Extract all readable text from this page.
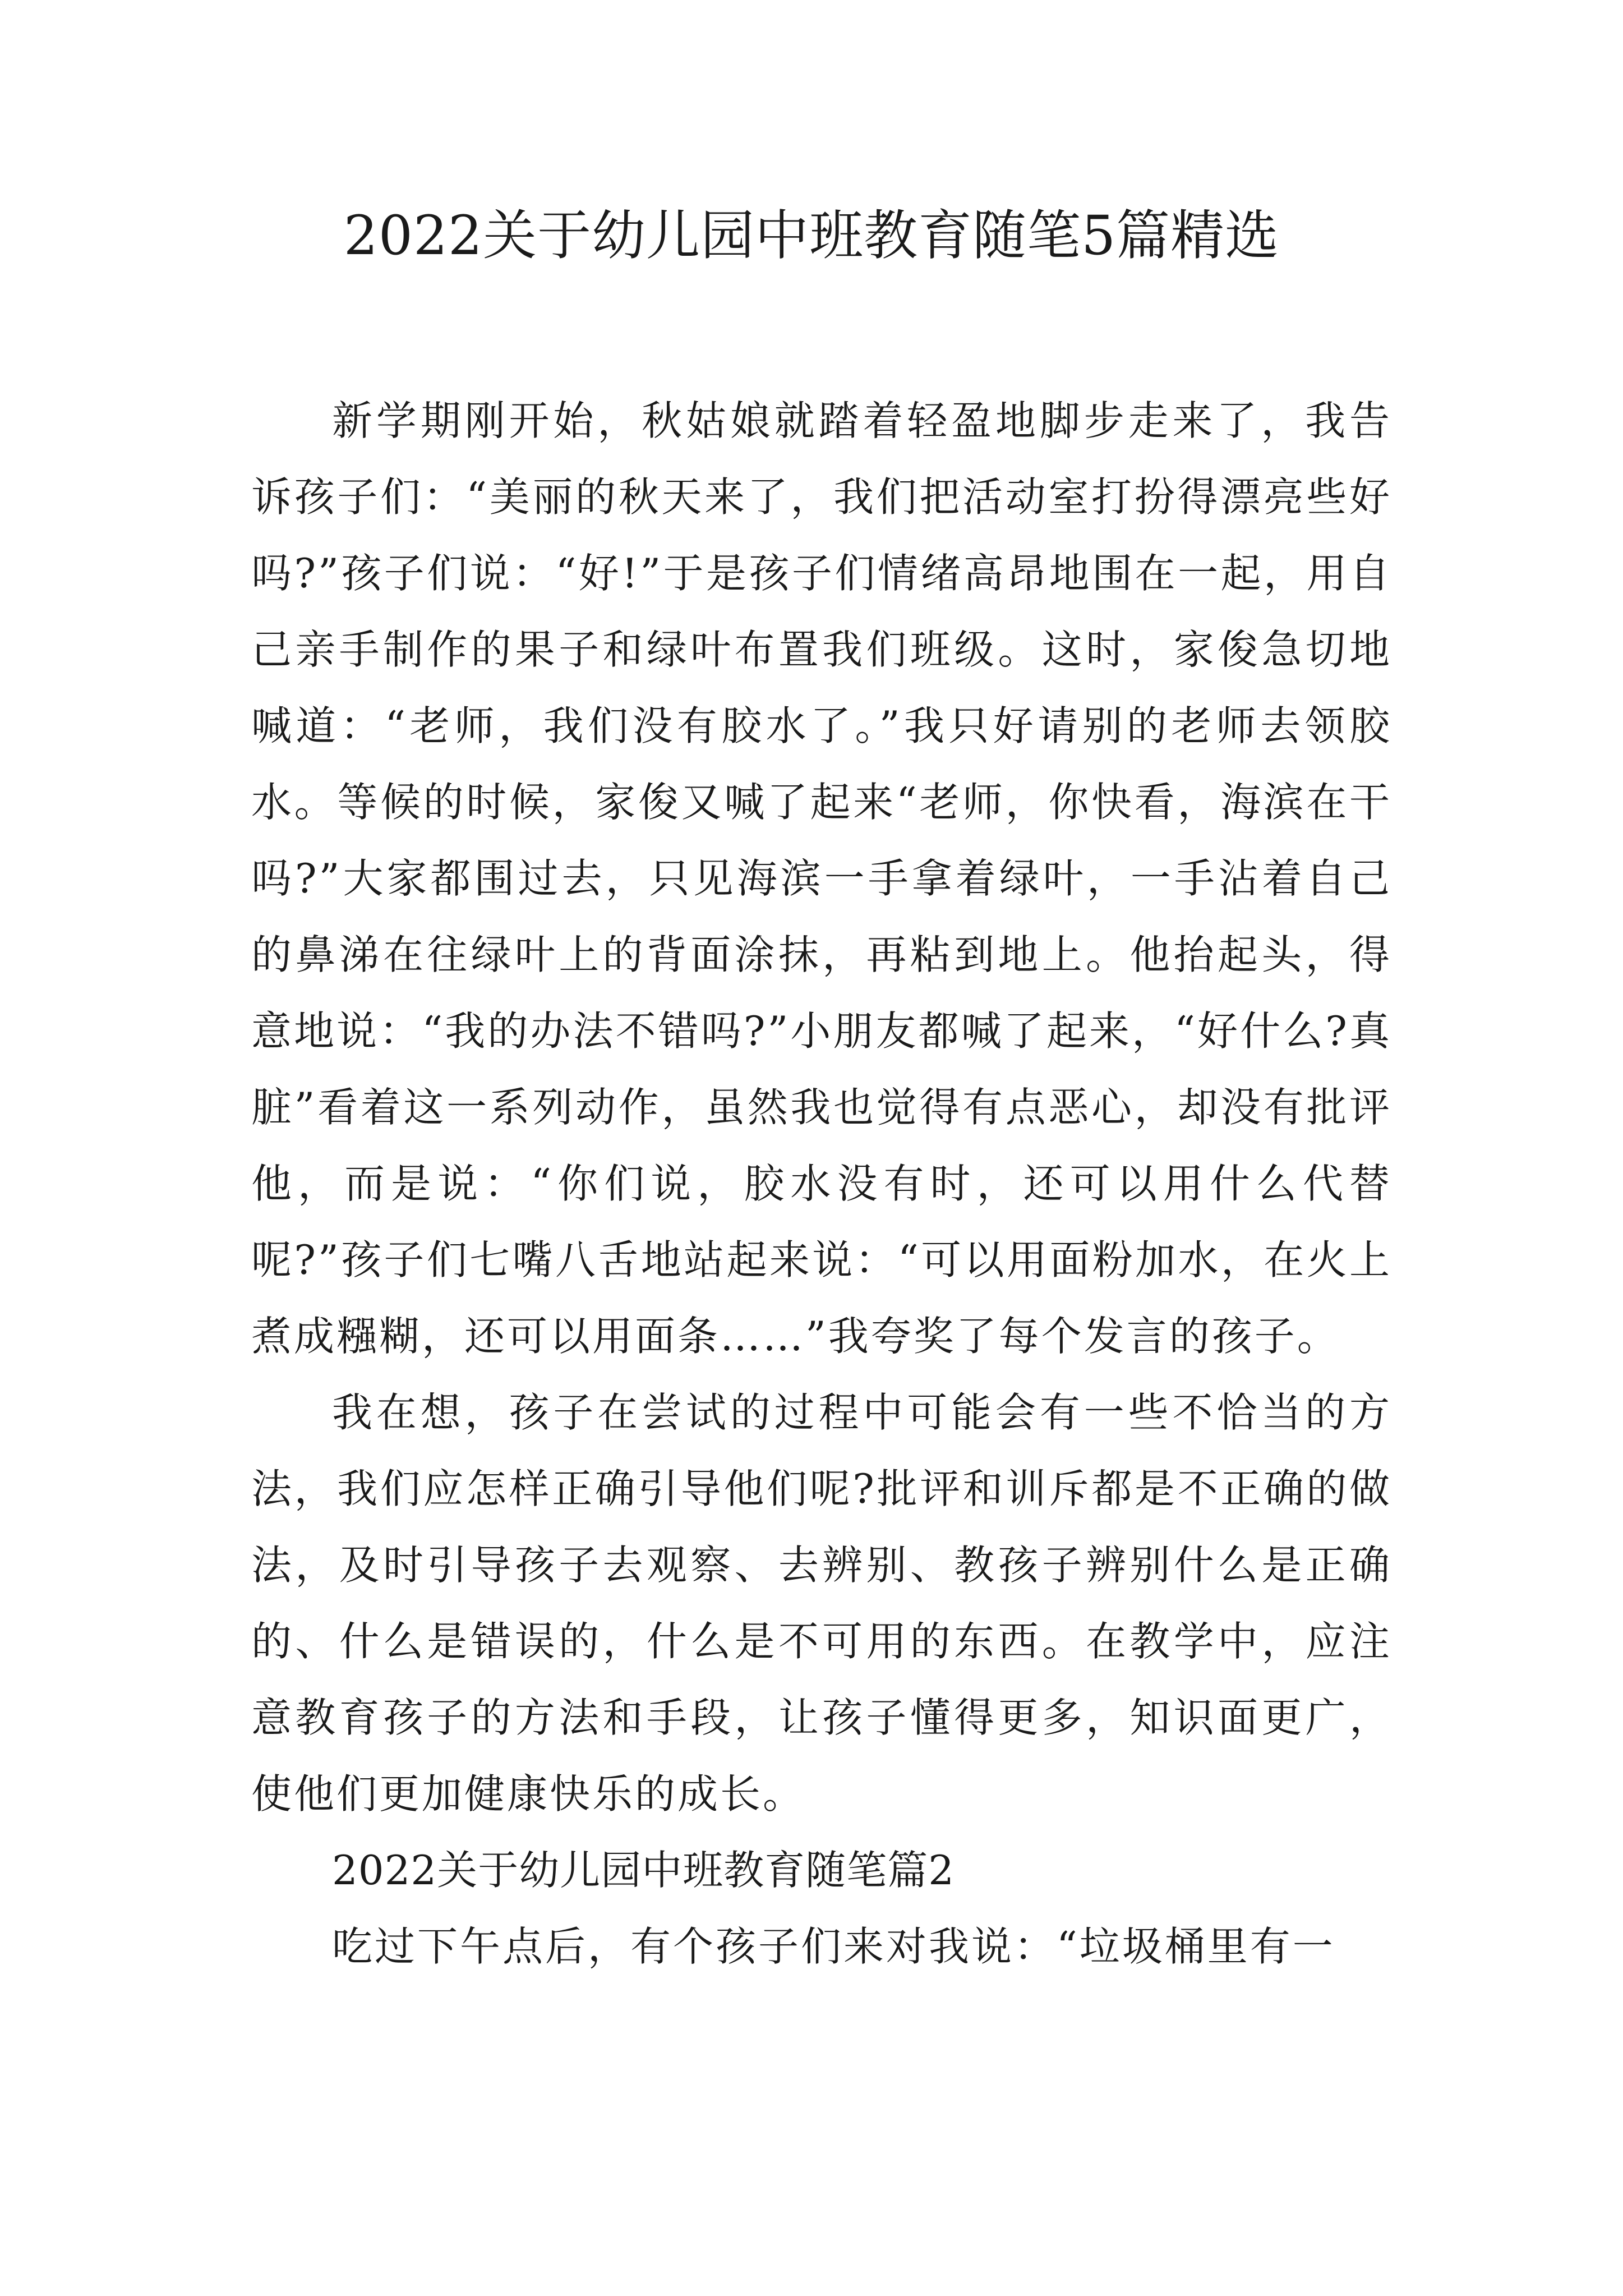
2022关于幼儿园中班教育随笔5篇精选

新学期刚开始，秋姑娘就踏着轻盈地脚步走来了，我告诉孩子们：“美丽的秋天来了，我们把活动室打扮得漂亮些好吗?”孩子们说：“好!”于是孩子们情绪高昂地围在一起，用自己亲手制作的果子和绿叶布置我们班级。这时，家俊急切地喊道：“老师，我们没有胶水了。”我只好请别的老师去领胶水。等候的时候，家俊又喊了起来“老师，你快看，海滨在干吗?”大家都围过去，只见海滨一手拿着绿叶，一手沾着自己的鼻涕在往绿叶上的背面涂抹，再粘到地上。他抬起头，得意地说：“我的办法不错吗?”小朋友都喊了起来，“好什么?真脏”看着这一系列动作，虽然我也觉得有点恶心，却没有批评他，而是说：“你们说，胶水没有时，还可以用什么代替呢?”孩子们七嘴八舌地站起来说：“可以用面粉加水，在火上煮成糨糊，还可以用面条……”我夸奖了每个发言的孩子。

我在想，孩子在尝试的过程中可能会有一些不恰当的方法，我们应怎样正确引导他们呢?批评和训斥都是不正确的做法，及时引导孩子去观察、去辨别、教孩子辨别什么是正确的、什么是错误的，什么是不可用的东西。在教学中，应注意教育孩子的方法和手段，让孩子懂得更多，知识面更广，使他们更加健康快乐的成长。

2022关于幼儿园中班教育随笔篇2

吃过下午点后，有个孩子们来对我说：“垃圾桶里有一
